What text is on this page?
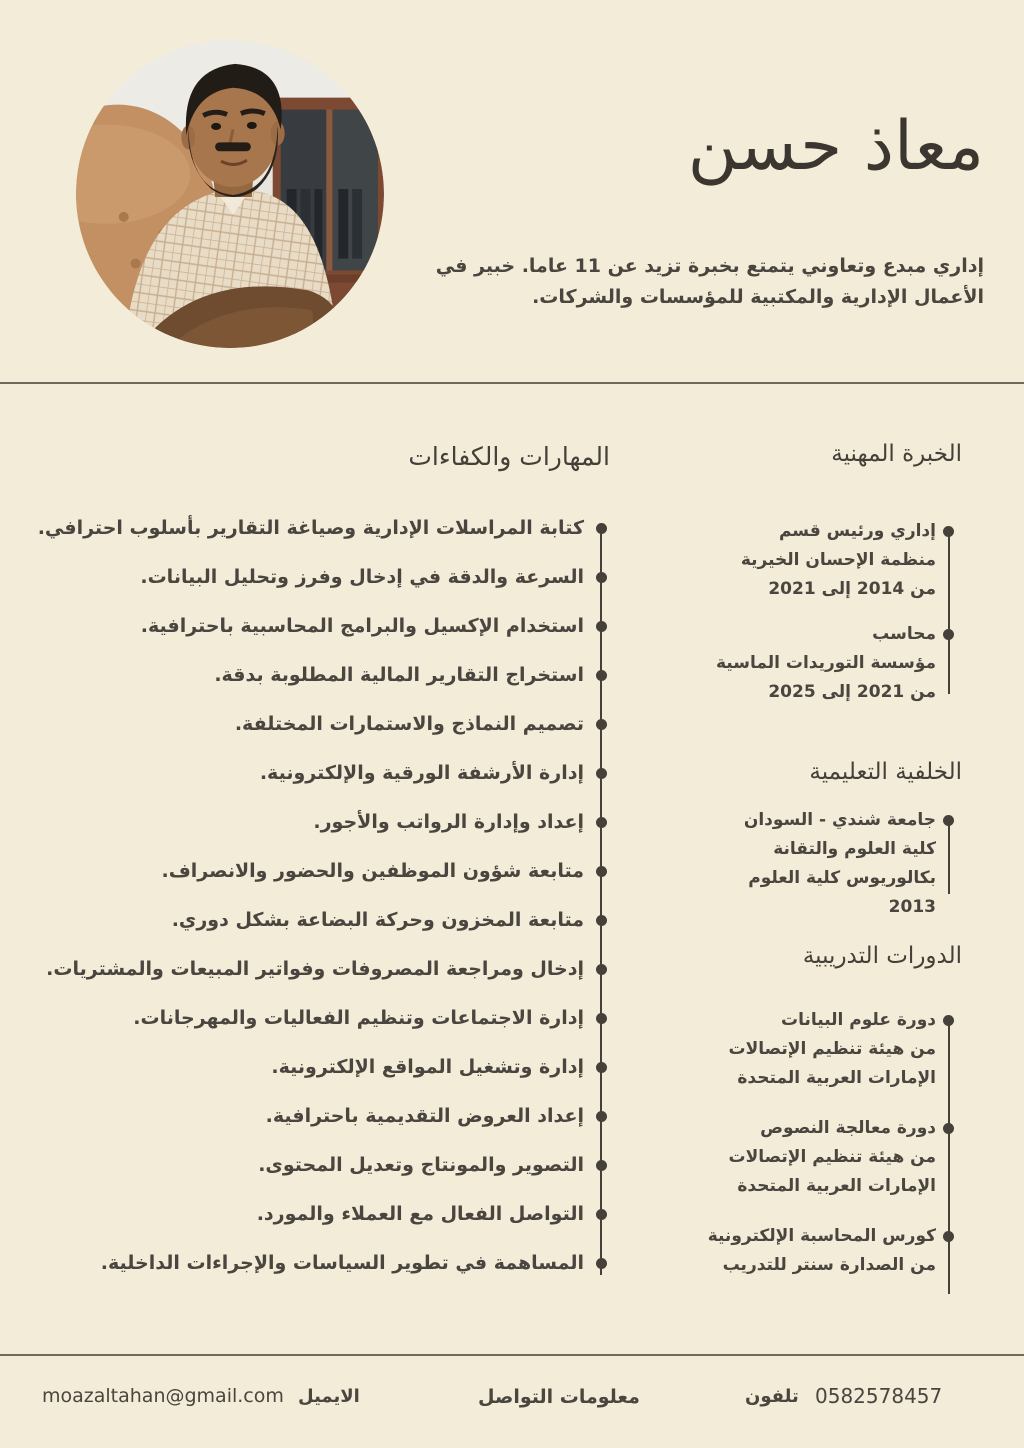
معاذ حسن

إداري مبدع وتعاوني يتمتع بخبرة تزيد عن 11 عاما. خبير في الأعمال الإدارية والمكتبية للمؤسسات والشركات.

المهارات والكفاءات
كتابة المراسلات الإدارية وصياغة التقارير بأسلوب احترافي.
السرعة والدقة في إدخال وفرز وتحليل البيانات.
استخدام الإكسيل والبرامج المحاسبية باحترافية.
استخراج التقارير المالية المطلوبة بدقة.
تصميم النماذج والاستمارات المختلفة.
إدارة الأرشفة الورقية والإلكترونية.
إعداد وإدارة الرواتب والأجور.
متابعة شؤون الموظفين والحضور والانصراف.
متابعة المخزون وحركة البضاعة بشكل دوري.
إدخال ومراجعة المصروفات وفواتير المبيعات والمشتريات.
إدارة الاجتماعات وتنظيم الفعاليات والمهرجانات.
إدارة وتشغيل المواقع الإلكترونية.
إعداد العروض التقديمية باحترافية.
التصوير والمونتاج وتعديل المحتوى.
التواصل الفعال مع العملاء والمورد.
المساهمة في تطوير السياسات والإجراءات الداخلية.
الخبرة المهنية
إداري ورئيس قسم
منظمة الإحسان الخيرية
من 2014 إلى 2021
محاسب
مؤسسة التوريدات الماسية
من 2021 إلى 2025
الخلفية التعليمية
جامعة شندي - السودان
كلية العلوم والتقانة
بكالوريوس كلية العلوم
2013
الدورات التدريبية
دورة علوم البيانات
من هيئة تنظيم الإتصالات
الإمارات العربية المتحدة
دورة معالجة النصوص
من هيئة تنظيم الإتصالات
الإمارات العربية المتحدة
كورس المحاسبة الإلكترونية
من الصدارة سنتر للتدريب
moazaltahan@gmail.com الايميل	معلومات التواصل	تلفون 0582578457
